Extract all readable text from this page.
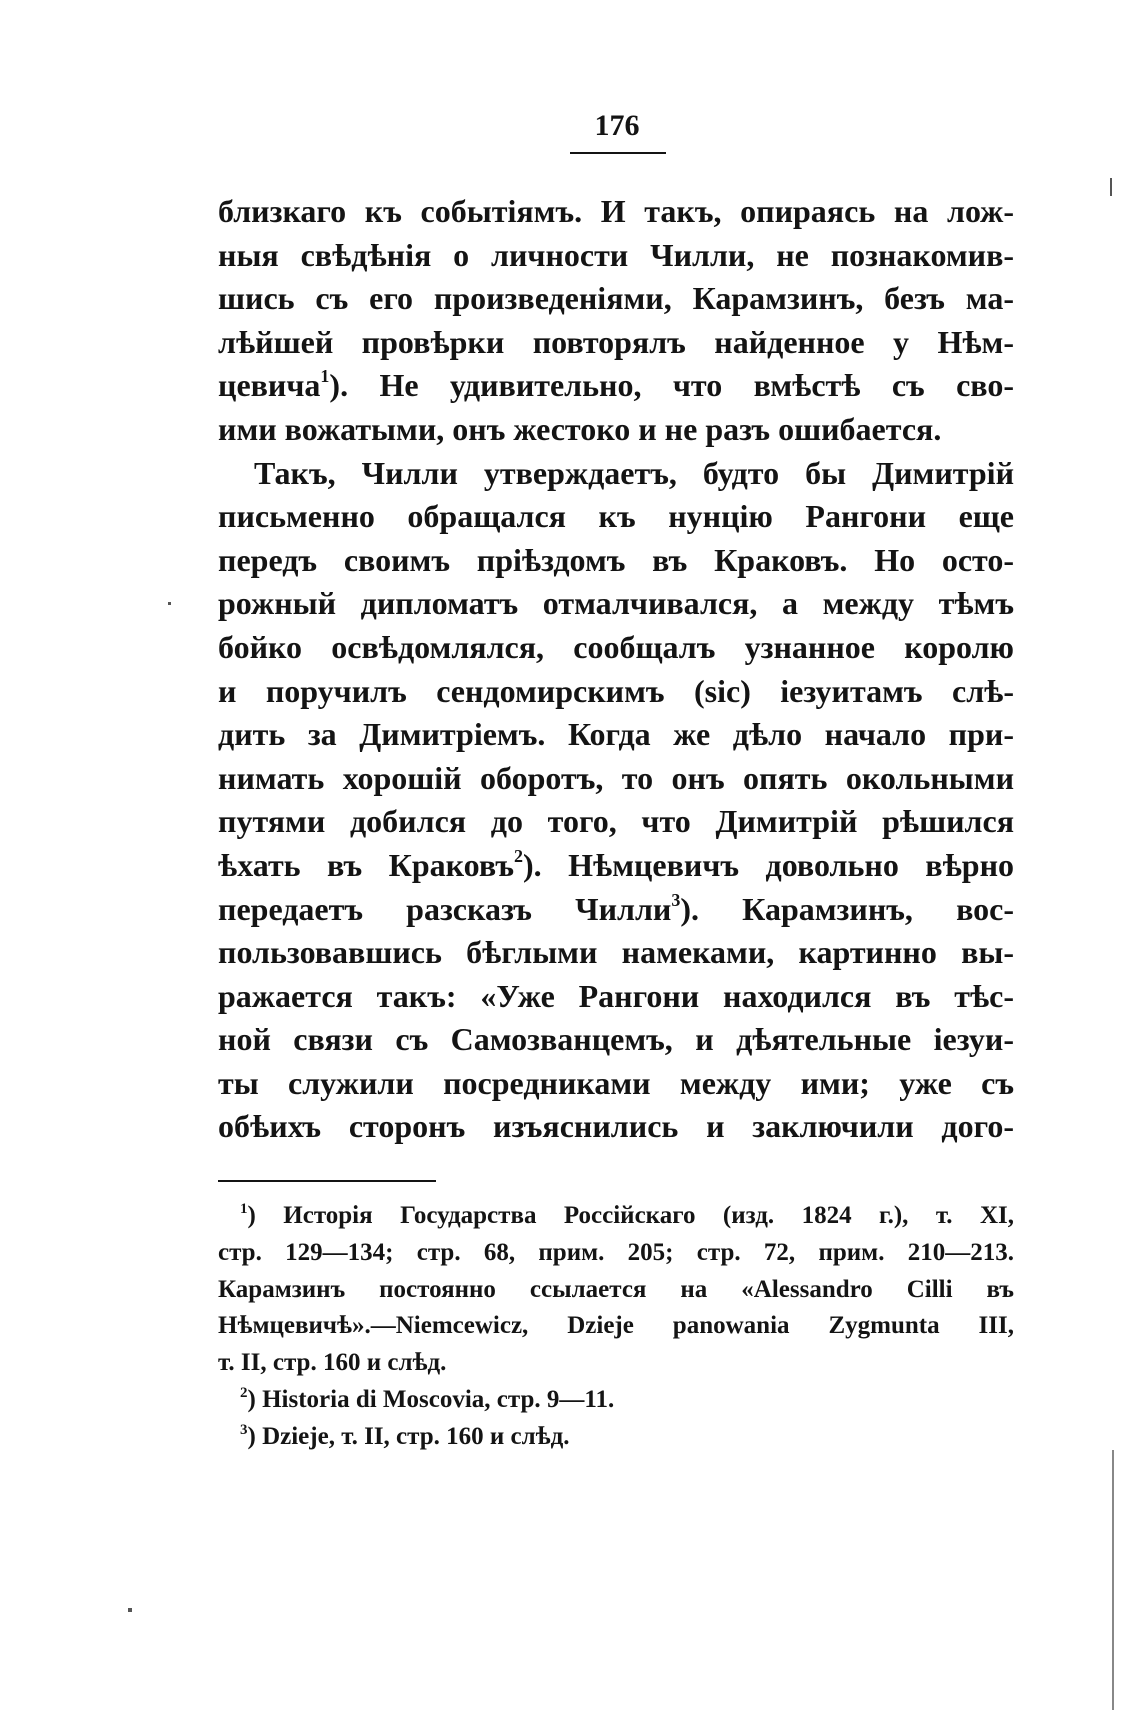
176
близкаго къ событіямъ. И такъ, опираясь на лож-
ныя свѣдѣнія о личности Чилли, не познакомив-
шись съ его произведеніями, Карамзинъ, безъ ма-
лѣйшей провѣрки повторялъ найденное у Нѣм-
цевича$^1$). Не удивительно, что вмѣстѣ съ сво-
ими вожатыми, онъ жестоко и не разъ ошибается.
Такъ, Чилли утверждаетъ, будто бы Димитрій
письменно обращался къ нунцію Рангони еще
передъ своимъ пріѣздомъ въ Краковъ. Но осто-
рожный дипломатъ отмалчивался, а между тѣмъ
бойко освѣдомлялся, сообщалъ узнанное королю
и поручилъ сендомирскимъ (sic) іезуитамъ слѣ-
дить за Димитріемъ. Когда же дѣло начало при-
нимать хорошій оборотъ, то онъ опять окольными
путями добился до того, что Димитрій рѣшился
ѣхать въ Краковъ$^2$). Нѣмцевичъ довольно вѣрно
передаетъ разсказъ Чилли$^3$). Карамзинъ, вос-
пользовавшись бѣглыми намеками, картинно вы-
ражается такъ: «Уже Рангони находился въ тѣс-
ной связи съ Самозванцемъ, и дѣятельные іезуи-
ты служили посредниками между ими; уже съ
обѣихъ сторонъ изъяснились и заключили дого-
$^1$) Исторія Государства Россійскаго (изд. 1824 г.), т. XI,
стр. 129—134; стр. 68, прим. 205; стр. 72, прим. 210—213.
Карамзинъ постоянно ссылается на «Alessandro Cilli въ
Нѣмцевичѣ».—Niemcewicz, Dzieje panowania Zygmunta III,
т. II, стр. 160 и слѣд.
$^2$) Historia di Moscovia, стр. 9—11.
$^3$) Dzieje, т. II, стр. 160 и слѣд.
